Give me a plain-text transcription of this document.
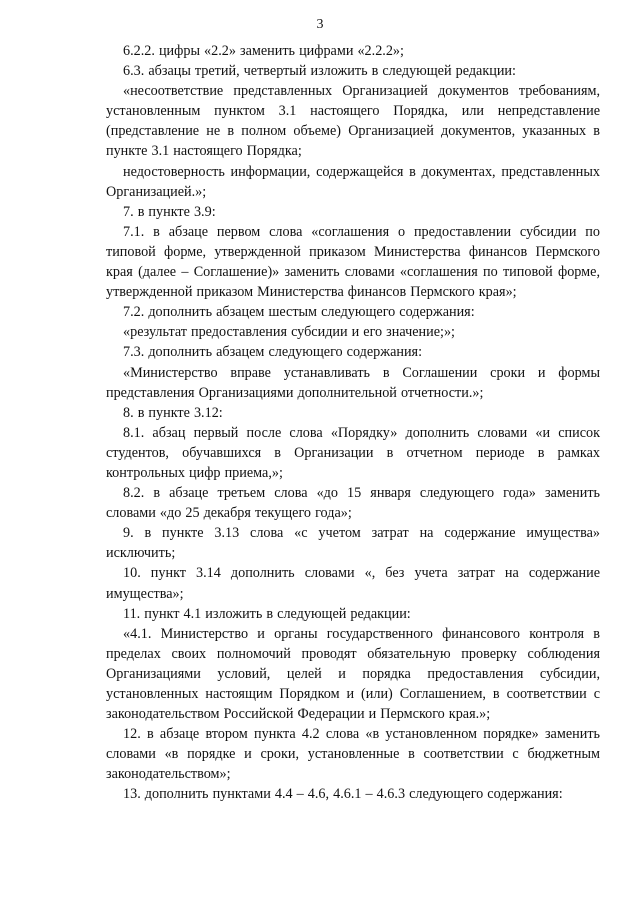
3

6.2.2. цифры «2.2» заменить цифрами «2.2.2»;

6.3. абзацы третий, четвертый изложить в следующей редакции:

«несоответствие представленных Организацией документов требованиям, установленным пунктом 3.1 настоящего Порядка, или непредставление (представление не в полном объеме) Организацией документов, указанных в пункте 3.1 настоящего Порядка;

недостоверность информации, содержащейся в документах, представленных Организацией.»;

7. в пункте 3.9:

7.1. в абзаце первом слова «соглашения о предоставлении субсидии по типовой форме, утвержденной приказом Министерства финансов Пермского края (далее – Соглашение)» заменить словами «соглашения по типовой форме, утвержденной приказом Министерства финансов Пермского края»;

7.2. дополнить абзацем шестым следующего содержания:

«результат предоставления субсидии и его значение;»;

7.3. дополнить абзацем следующего содержания:

«Министерство вправе устанавливать в Соглашении сроки и формы представления Организациями дополнительной отчетности.»;

8. в пункте 3.12:

8.1. абзац первый после слова «Порядку» дополнить словами «и список студентов, обучавшихся в Организации в отчетном периоде в рамках контрольных цифр приема,»;

8.2. в абзаце третьем слова «до 15 января следующего года» заменить словами «до 25 декабря текущего года»;

9. в пункте 3.13 слова «с учетом затрат на содержание имущества» исключить;

10. пункт 3.14 дополнить словами «, без учета затрат на содержание имущества»;

11. пункт 4.1 изложить в следующей редакции:

«4.1. Министерство и органы государственного финансового контроля в пределах своих полномочий проводят обязательную проверку соблюдения Организациями условий, целей и порядка предоставления субсидии, установленных настоящим Порядком и (или) Соглашением, в соответствии с законодательством Российской Федерации и Пермского края.»;

12. в абзаце втором пункта 4.2 слова «в установленном порядке» заменить словами «в порядке и сроки, установленные в соответствии с бюджетным законодательством»;

13. дополнить пунктами 4.4 – 4.6, 4.6.1 – 4.6.3 следующего содержания:
